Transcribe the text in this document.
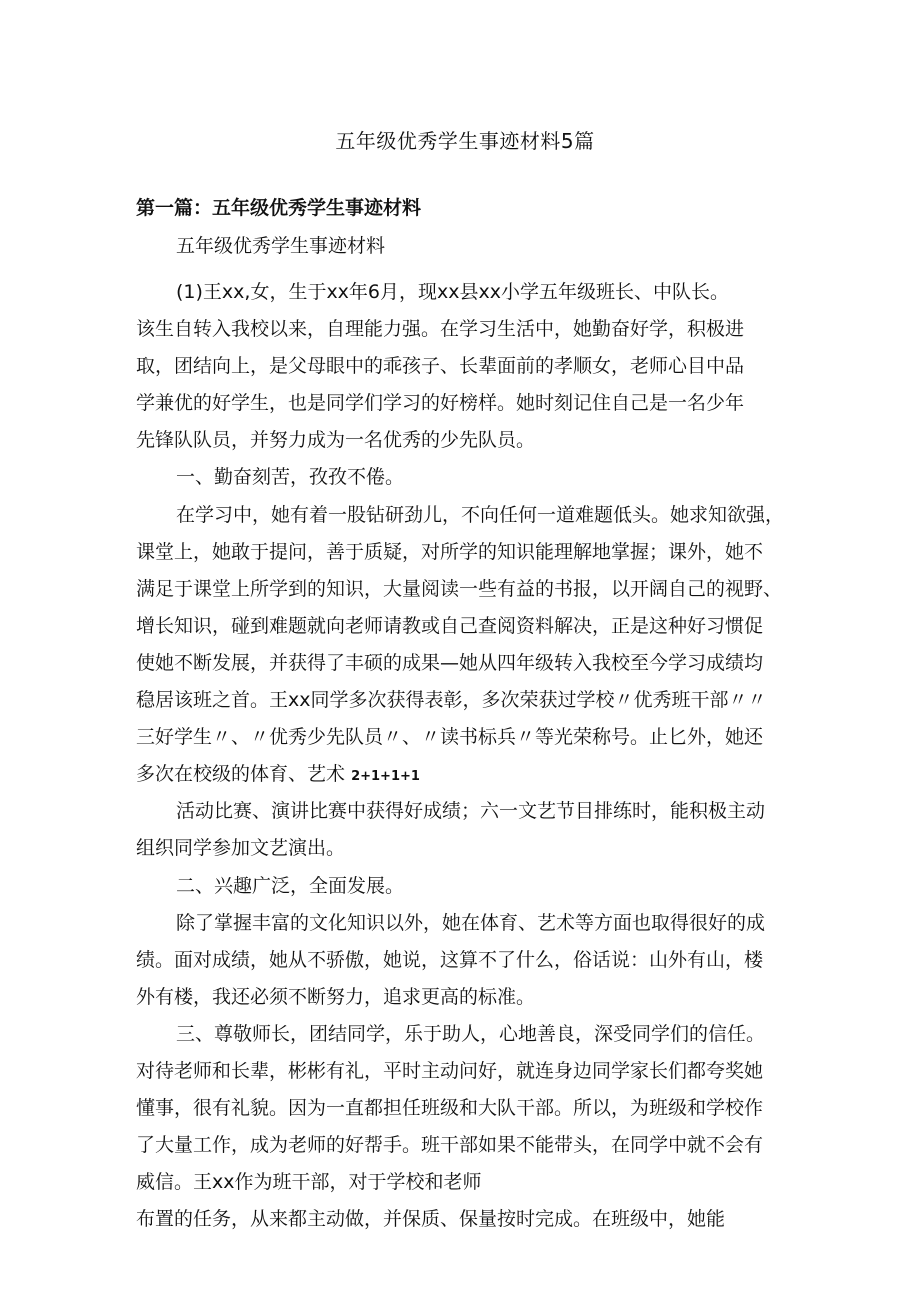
五年级优秀学生事迹材料5篇
第一篇：五年级优秀学生事迹材料
五年级优秀学生事迹材料
(1)王xx,女，生于xx年6月，现xx县xx小学五年级班长、中队长。
该生自转入我校以来，自理能力强。在学习生活中，她勤奋好学，积极进
取，团结向上，是父母眼中的乖孩子、长辈面前的孝顺女，老师心目中品
学兼优的好学生，也是同学们学习的好榜样。她时刻记住自己是一名少年
先锋队队员，并努力成为一名优秀的少先队员。
一、勤奋刻苦，孜孜不倦。
在学习中，她有着一股钻研劲儿，不向任何一道难题低头。她求知欲强，
课堂上，她敢于提问，善于质疑，对所学的知识能理解地掌握；课外，她不
满足于课堂上所学到的知识，大量阅读一些有益的书报，以开阔自己的视野、
增长知识，碰到难题就向老师请教或自己查阅资料解决，正是这种好习惯促
使她不断发展，并获得了丰硕的成果—她从四年级转入我校至今学习成绩均
稳居该班之首。王xx同学多次获得表彰，多次荣获过学校〃优秀班干部〃〃
三好学生〃、〃优秀少先队员〃、〃读书标兵〃等光荣称号。止匕外，她还
多次在校级的体育、艺术 2+1+1+1
活动比赛、演讲比赛中获得好成绩；六一文艺节目排练时，能积极主动
组织同学参加文艺演出。
二、兴趣广泛，全面发展。
除了掌握丰富的文化知识以外，她在体育、艺术等方面也取得很好的成
绩。面对成绩，她从不骄傲，她说，这算不了什么，俗话说：山外有山，楼
外有楼，我还必须不断努力，追求更高的标准。
三、尊敬师长，团结同学，乐于助人，心地善良，深受同学们的信任。
对待老师和长辈，彬彬有礼，平时主动问好，就连身边同学家长们都夸奖她
懂事，很有礼貌。因为一直都担任班级和大队干部。所以，为班级和学校作
了大量工作，成为老师的好帮手。班干部如果不能带头，在同学中就不会有
威信。王xx作为班干部，对于学校和老师
布置的任务，从来都主动做，并保质、保量按时完成。在班级中，她能
